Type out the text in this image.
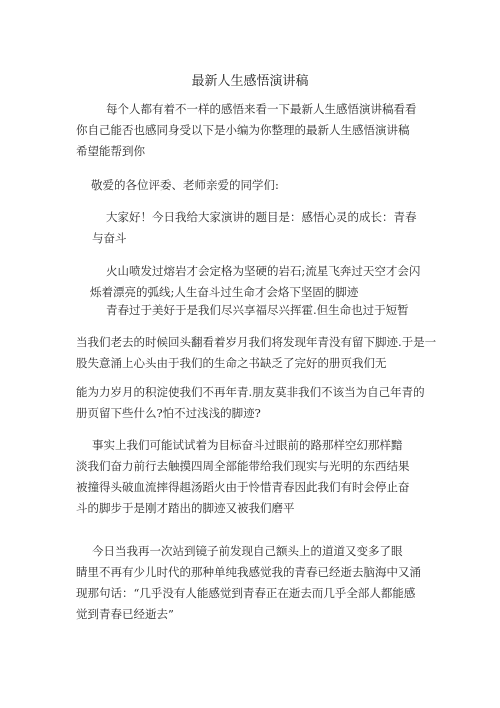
最新人生感悟演讲稿
每个人都有着不一样的感悟来看一下最新人生感悟演讲稿看看
你自己能否也感同身受以下是小编为你整理的最新人生感悟演讲稿
希望能帮到你
敬爱的各位评委、老师亲爱的同学们:
大家好！今日我给大家演讲的题目是：感悟心灵的成长：青春
与奋斗
火山喷发过熔岩才会定格为坚硬的岩石;流星飞奔过天空才会闪
烁着漂亮的弧线;人生奋斗过生命才会烙下坚固的脚迹
青春过于美好于是我们尽兴享福尽兴挥霍.但生命也过于短暂
当我们老去的时候回头翻看着岁月我们将发现年青没有留下脚迹.于是一
股失意涌上心头由于我们的生命之书缺乏了完好的册页我们无
能为力岁月的积淀使我们不再年青.朋友莫非我们不该当为自己年青的
册页留下些什么?怕不过浅浅的脚迹?
事实上我们可能试试着为目标奋斗过眼前的路那样空幻那样黯
淡我们奋力前行去触摸四周全部能带给我们现实与光明的东西结果
被撞得头破血流摔得趄汤蹈火由于怜惜青春因此我们有时会停止奋
斗的脚步于是刚才踏出的脚迹又被我们磨平
今日当我再一次站到镜子前发现自己额头上的道道又变多了眼
睛里不再有少儿时代的那种单纯我感觉我的青春已经逝去脑海中又涌
现那句话：“几乎没有人能感觉到青春正在逝去而几乎全部人都能感
觉到青春已经逝去”
